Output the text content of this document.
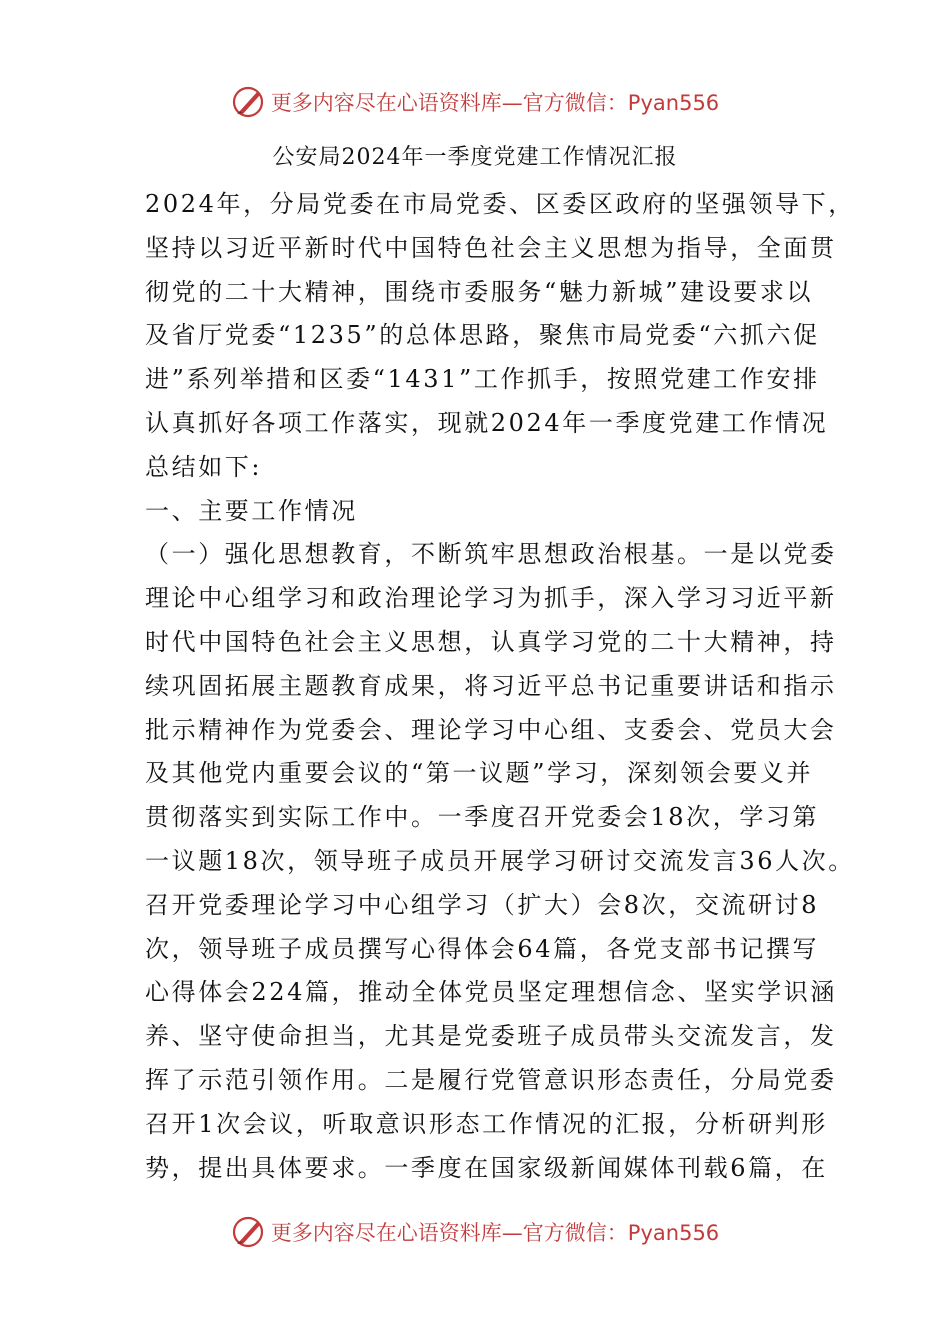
更多内容尽在心语资料库—官方微信：Pyan556
公安局2024年一季度党建工作情况汇报
2024年，分局党委在市局党委、区委区政府的坚强领导下，
坚持以习近平新时代中国特色社会主义思想为指导，全面贯
彻党的二十大精神，围绕市委服务“魅力新城”建设要求以
及省厅党委“1235”的总体思路，聚焦市局党委“六抓六促
进”系列举措和区委“1431”工作抓手，按照党建工作安排
认真抓好各项工作落实，现就2024年一季度党建工作情况
总结如下:
一、主要工作情况
（一）强化思想教育，不断筑牢思想政治根基。一是以党委
理论中心组学习和政治理论学习为抓手，深入学习习近平新
时代中国特色社会主义思想，认真学习党的二十大精神，持
续巩固拓展主题教育成果，将习近平总书记重要讲话和指示
批示精神作为党委会、理论学习中心组、支委会、党员大会
及其他党内重要会议的“第一议题”学习，深刻领会要义并
贯彻落实到实际工作中。一季度召开党委会18次，学习第
一议题18次，领导班子成员开展学习研讨交流发言36人次。
召开党委理论学习中心组学习（扩大）会8次，交流研讨8
次，领导班子成员撰写心得体会64篇，各党支部书记撰写
心得体会224篇，推动全体党员坚定理想信念、坚实学识涵
养、坚守使命担当，尤其是党委班子成员带头交流发言，发
挥了示范引领作用。二是履行党管意识形态责任，分局党委
召开1次会议，听取意识形态工作情况的汇报，分析研判形
势，提出具体要求。一季度在国家级新闻媒体刊载6篇，在
更多内容尽在心语资料库—官方微信：Pyan556
